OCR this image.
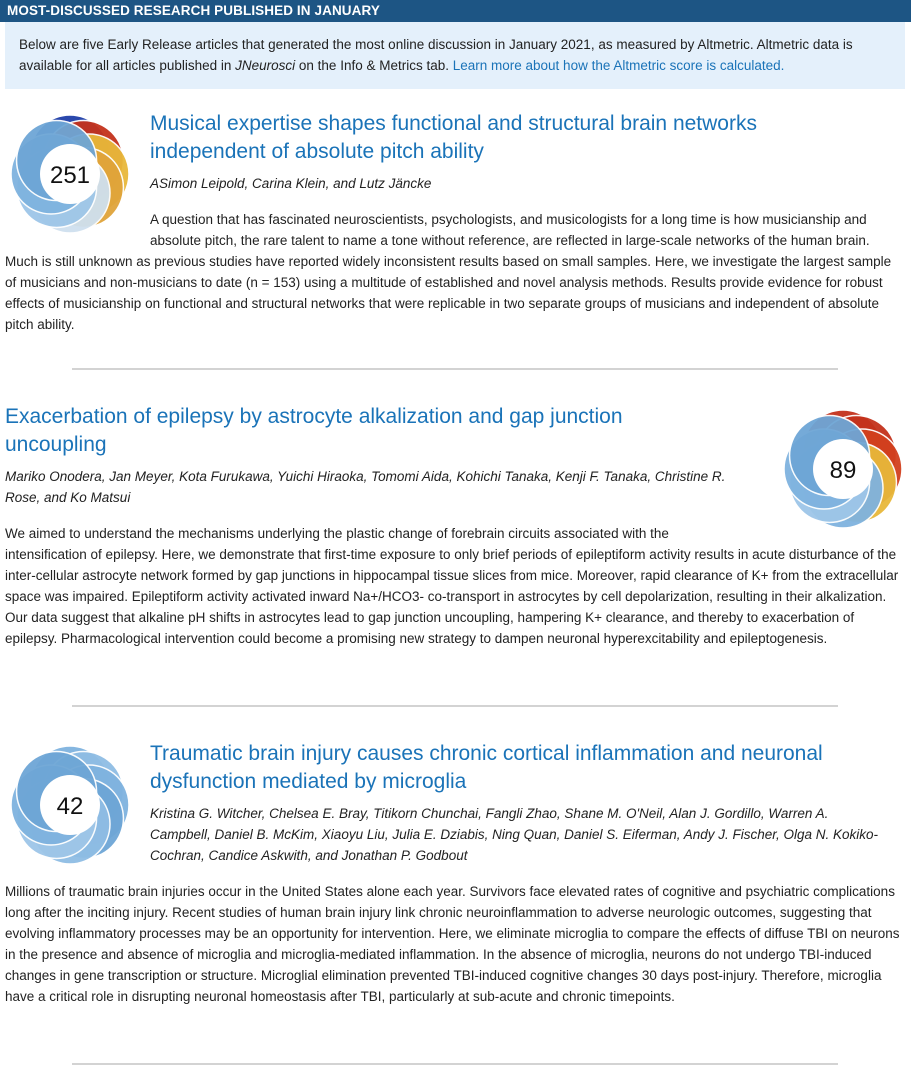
MOST-DISCUSSED RESEARCH PUBLISHED IN JANUARY
Below are five Early Release articles that generated the most online discussion in January 2021, as measured by Altmetric. Altmetric data is available for all articles published in JNeurosci on the Info & Metrics tab. Learn more about how the Altmetric score is calculated.
251
Musical expertise shapes functional and structural brain networks independent of absolute pitch ability

ASimon Leipold, Carina Klein, and Lutz Jäncke

A question that has fascinated neuroscientists, psychologists, and musicologists for a long time is how musicianship and absolute pitch, the rare talent to name a tone without reference, are reflected in large-scale networks of the human brain. Much is still unknown as previous studies have reported widely inconsistent results based on small samples. Here, we investigate the largest sample of musicians and non-musicians to date (n = 153) using a multitude of established and novel analysis methods. Results provide evidence for robust effects of musicianship on functional and structural networks that were replicable in two separate groups of musicians and independent of absolute pitch ability.
Exacerbation of epilepsy by astrocyte alkalization and gap junction uncoupling
89

Mariko Onodera, Jan Meyer, Kota Furukawa, Yuichi Hiraoka, Tomomi Aida, Kohichi Tanaka, Kenji F. Tanaka, Christine R. Rose, and Ko Matsui

We aimed to understand the mechanisms underlying the plastic change of forebrain circuits associated with the intensification of epilepsy. Here, we demonstrate that first-time exposure to only brief periods of epileptiform activity results in acute disturbance of the inter-cellular astrocyte network formed by gap junctions in hippocampal tissue slices from mice. Moreover, rapid clearance of K+ from the extracellular space was impaired. Epileptiform activity activated inward Na+/HCO3- co-transport in astrocytes by cell depolarization, resulting in their alkalization. Our data suggest that alkaline pH shifts in astrocytes lead to gap junction uncoupling, hampering K+ clearance, and thereby to exacerbation of epilepsy. Pharmacological intervention could become a promising new strategy to dampen neuronal hyperexcitability and epileptogenesis.
42
Traumatic brain injury causes chronic cortical inflammation and neuronal dysfunction mediated by microglia

Kristina G. Witcher, Chelsea E. Bray, Titikorn Chunchai, Fangli Zhao, Shane M. O'Neil, Alan J. Gordillo, Warren A. Campbell, Daniel B. McKim, Xiaoyu Liu, Julia E. Dziabis, Ning Quan, Daniel S. Eiferman, Andy J. Fischer, Olga N. Kokiko-Cochran, Candice Askwith, and Jonathan P. Godbout

Millions of traumatic brain injuries occur in the United States alone each year. Survivors face elevated rates of cognitive and psychiatric complications long after the inciting injury. Recent studies of human brain injury link chronic neuroinflammation to adverse neurologic outcomes, suggesting that evolving inflammatory processes may be an opportunity for intervention. Here, we eliminate microglia to compare the effects of diffuse TBI on neurons in the presence and absence of microglia and microglia-mediated inflammation. In the absence of microglia, neurons do not undergo TBI-induced changes in gene transcription or structure. Microglial elimination prevented TBI-induced cognitive changes 30 days post-injury. Therefore, microglia have a critical role in disrupting neuronal homeostasis after TBI, particularly at sub-acute and chronic timepoints.
